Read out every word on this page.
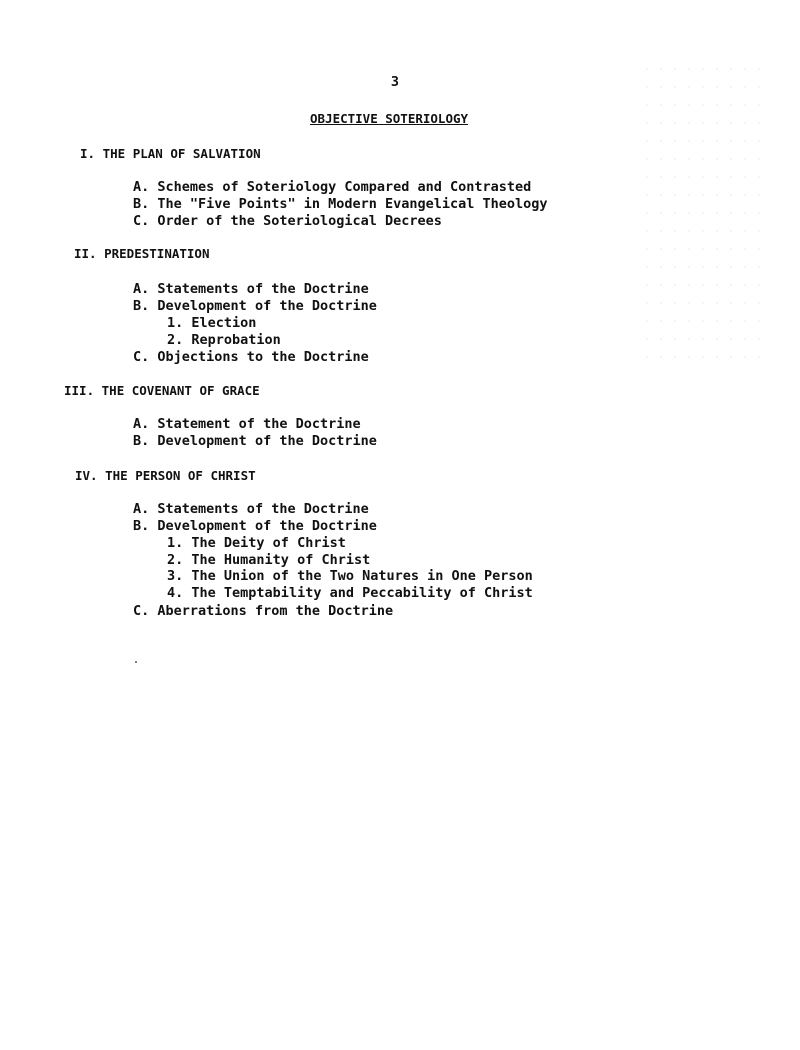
3
OBJECTIVE SOTERIOLOGY
I. THE PLAN OF SALVATION
A. Schemes of Soteriology Compared and Contrasted
B. The "Five Points" in Modern Evangelical Theology
C. Order of the Soteriological Decrees
II. PREDESTINATION
A. Statements of the Doctrine
B. Development of the Doctrine
1. Election
2. Reprobation
C. Objections to the Doctrine
III. THE COVENANT OF GRACE
A. Statement of the Doctrine
B. Development of the Doctrine
IV. THE PERSON OF CHRIST
A. Statements of the Doctrine
B. Development of the Doctrine
1. The Deity of Christ
2. The Humanity of Christ
3. The Union of the Two Natures in One Person
4. The Temptability and Peccability of Christ
C. Aberrations from the Doctrine
